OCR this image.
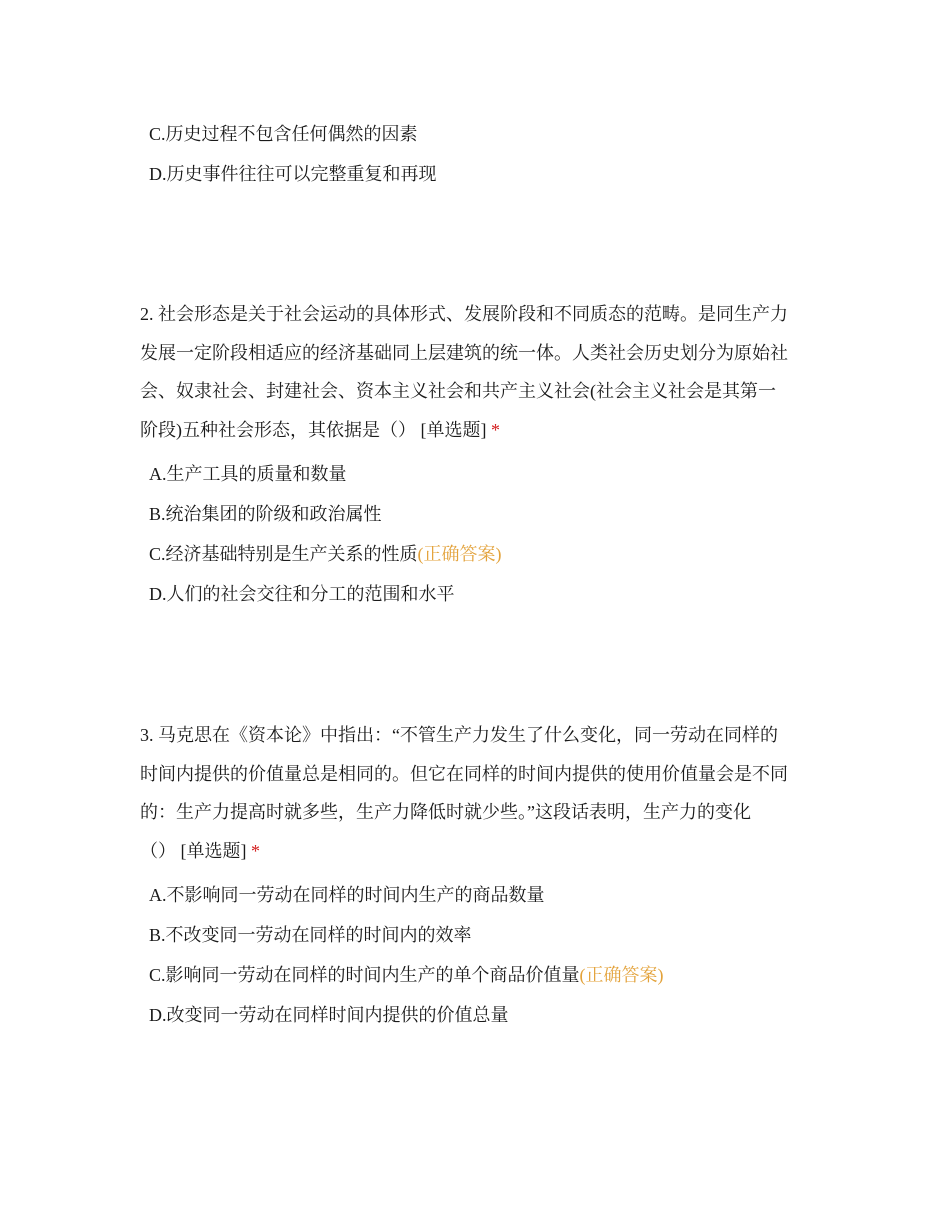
C.历史过程不包含任何偶然的因素
D.历史事件往往可以完整重复和再现
2. 社会形态是关于社会运动的具体形式、发展阶段和不同质态的范畴。是同生产力
发展一定阶段相适应的经济基础同上层建筑的统一体。人类社会历史划分为原始社
会、奴隶社会、封建社会、资本主义社会和共产主义社会(社会主义社会是其第一
阶段)五种社会形态，其依据是（） [单选题] *
A.生产工具的质量和数量
B.统治集团的阶级和政治属性
C.经济基础特别是生产关系的性质(正确答案)
D.人们的社会交往和分工的范围和水平
3. 马克思在《资本论》中指出：“不管生产力发生了什么变化，同一劳动在同样的
时间内提供的价值量总是相同的。但它在同样的时间内提供的使用价值量会是不同
的：生产力提高时就多些，生产力降低时就少些。”这段话表明，生产力的变化
（） [单选题] *
A.不影响同一劳动在同样的时间内生产的商品数量
B.不改变同一劳动在同样的时间内的效率
C.影响同一劳动在同样的时间内生产的单个商品价值量(正确答案)
D.改变同一劳动在同样时间内提供的价值总量
